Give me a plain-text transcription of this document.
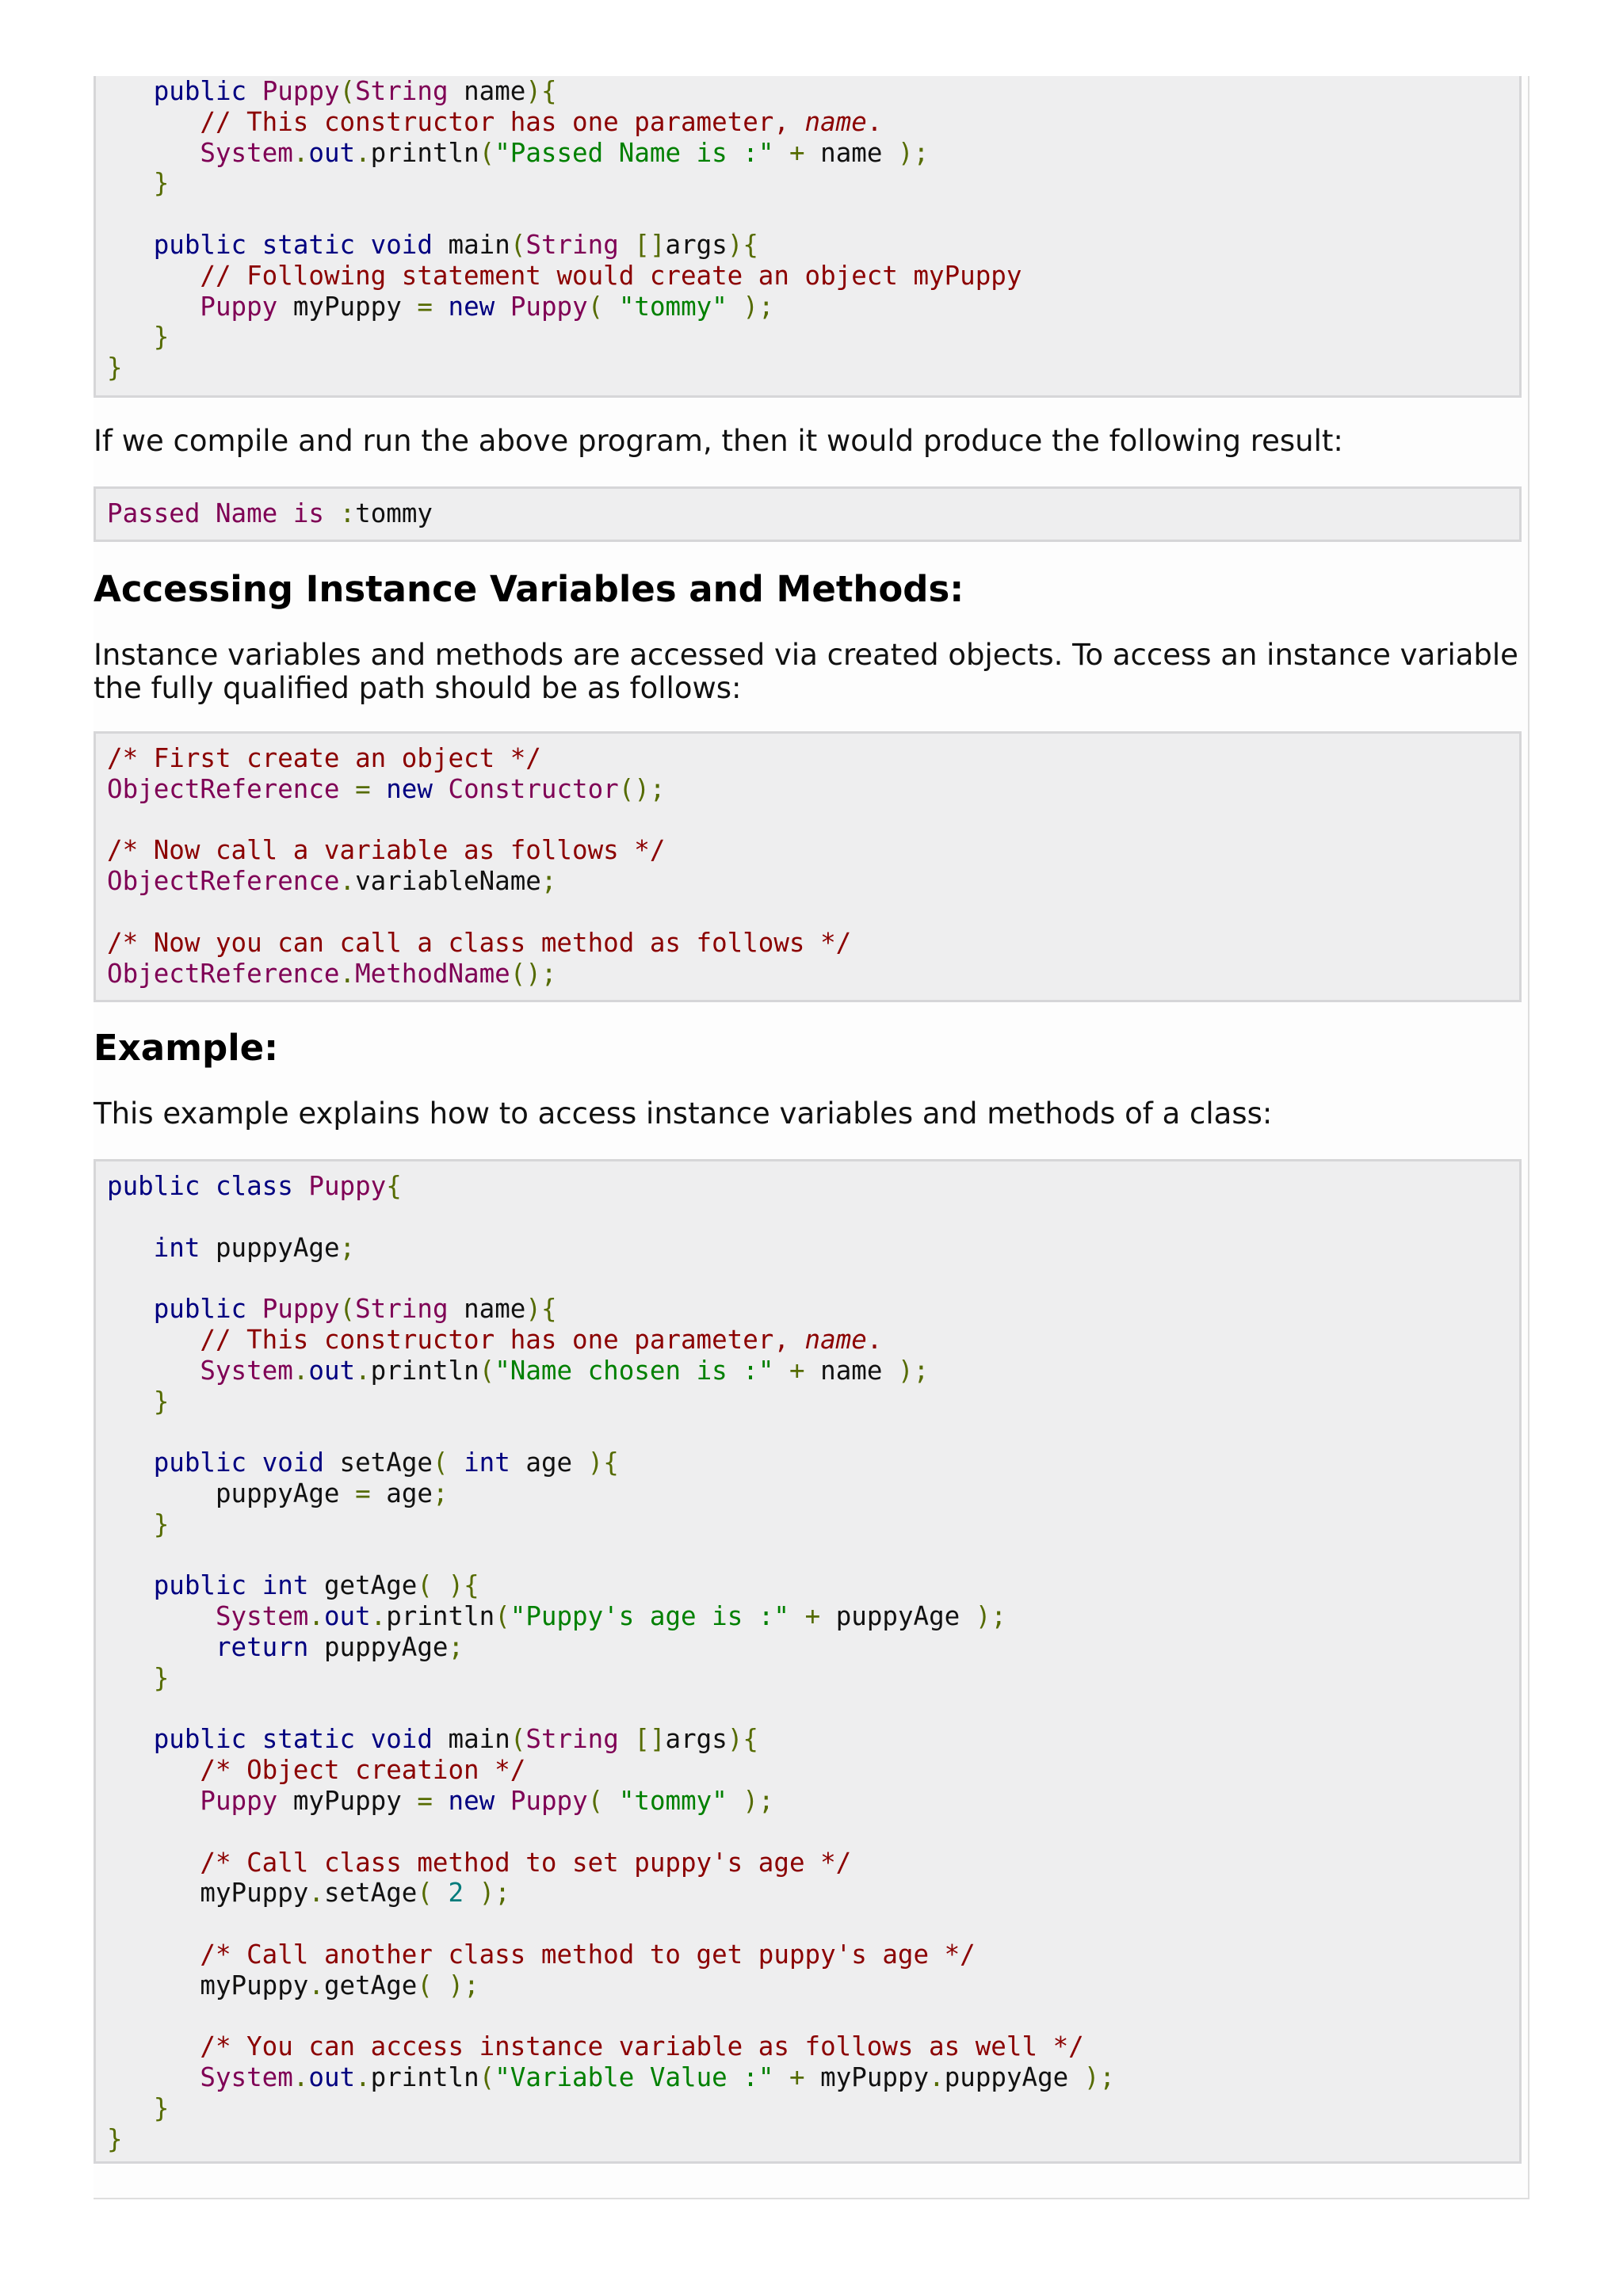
public Puppy(String name){
// This constructor has one parameter, name.
System.out.println("Passed Name is :" + name );
}

public static void main(String []args){
// Following statement would create an object myPuppy
Puppy myPuppy = new Puppy( "tommy" );
}
}

If we compile and run the above program, then it would produce the following result:

Passed Name is :tommy
Accessing Instance Variables and Methods:

Instance variables and methods are accessed via created objects. To access an instance variable the fully qualified path should be as follows:

/* First create an object */
ObjectReference = new Constructor();

/* Now call a variable as follows */
ObjectReference.variableName;

/* Now you can call a class method as follows */
ObjectReference.MethodName();
Example:

This example explains how to access instance variables and methods of a class:

public class Puppy{

int puppyAge;

public Puppy(String name){
// This constructor has one parameter, name.
System.out.println("Name chosen is :" + name );
}

public void setAge( int age ){
puppyAge = age;
}

public int getAge( ){
System.out.println("Puppy's age is :" + puppyAge );
return puppyAge;
}

public static void main(String []args){
/* Object creation */
Puppy myPuppy = new Puppy( "tommy" );

/* Call class method to set puppy's age */
myPuppy.setAge( 2 );

/* Call another class method to get puppy's age */
myPuppy.getAge( );

/* You can access instance variable as follows as well */
System.out.println("Variable Value :" + myPuppy.puppyAge );
}
}
